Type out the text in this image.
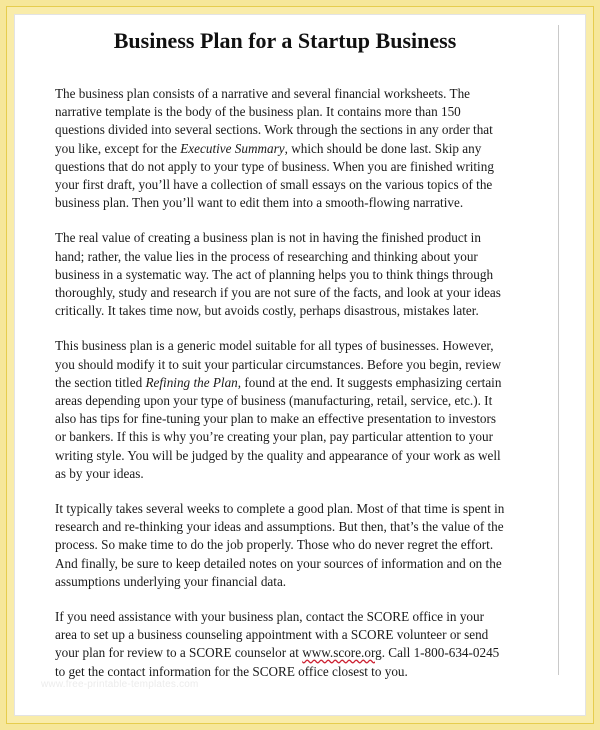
Business Plan for a Startup Business

The business plan consists of a narrative and several financial worksheets. The narrative template is the body of the business plan. It contains more than 150 questions divided into several sections. Work through the sections in any order that you like, except for the Executive Summary, which should be done last. Skip any questions that do not apply to your type of business. When you are finished writing your first draft, you’ll have a collection of small essays on the various topics of the business plan. Then you’ll want to edit them into a smooth-flowing narrative.

The real value of creating a business plan is not in having the finished product in hand; rather, the value lies in the process of researching and thinking about your business in a systematic way. The act of planning helps you to think things through thoroughly, study and research if you are not sure of the facts, and look at your ideas critically. It takes time now, but avoids costly, perhaps disastrous, mistakes later.

This business plan is a generic model suitable for all types of businesses. However, you should modify it to suit your particular circumstances. Before you begin, review the section titled Refining the Plan, found at the end. It suggests emphasizing certain areas depending upon your type of business (manufacturing, retail, service, etc.). It also has tips for fine-tuning your plan to make an effective presentation to investors or bankers. If this is why you’re creating your plan, pay particular attention to your writing style. You will be judged by the quality and appearance of your work as well as by your ideas.

It typically takes several weeks to complete a good plan. Most of that time is spent in research and re-thinking your ideas and assumptions. But then, that’s the value of the process. So make time to do the job properly. Those who do never regret the effort. And finally, be sure to keep detailed notes on your sources of information and on the assumptions underlying your financial data.

If you need assistance with your business plan, contact the SCORE office in your area to set up a business counseling appointment with a SCORE volunteer or send your plan for review to a SCORE counselor at www.score.org. Call 1-800-634-0245 to get the contact information for the SCORE office closest to you.

www.free-printable-templates.com
